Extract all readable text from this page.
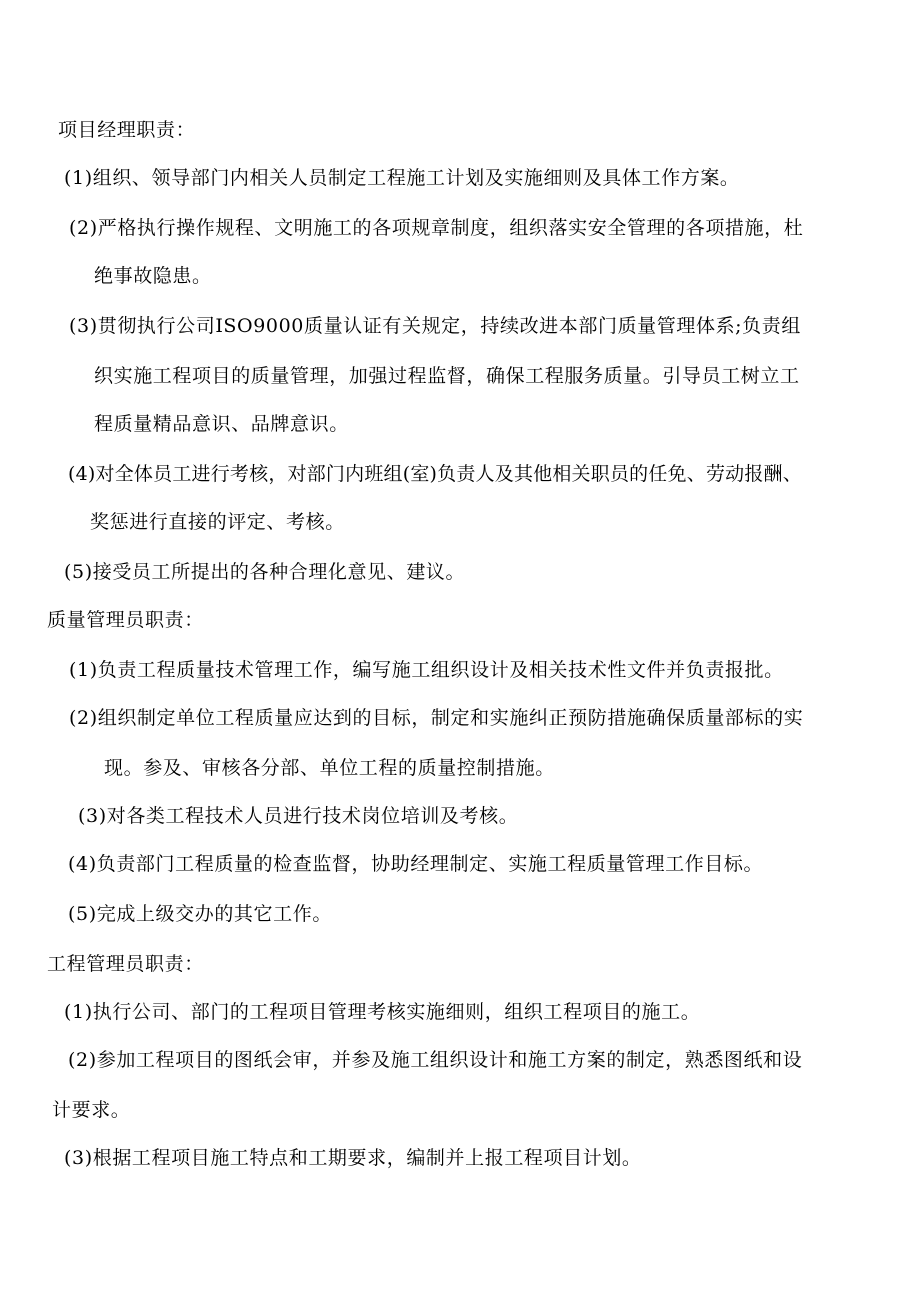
项目经理职责：
(1)组织、领导部门内相关人员制定工程施工计划及实施细则及具体工作方案。
(2)严格执行操作规程、文明施工的各项规章制度，组织落实安全管理的各项措施，杜
绝事故隐患。
(3)贯彻执行公司ISO9000质量认证有关规定，持续改进本部门质量管理体系;负责组
织实施工程项目的质量管理，加强过程监督，确保工程服务质量。引导员工树立工
程质量精品意识、品牌意识。
(4)对全体员工进行考核，对部门内班组(室)负责人及其他相关职员的任免、劳动报酬、
奖惩进行直接的评定、考核。
(5)接受员工所提出的各种合理化意见、建议。
质量管理员职责：
(1)负责工程质量技术管理工作，编写施工组织设计及相关技术性文件并负责报批。
(2)组织制定单位工程质量应达到的目标，制定和实施纠正预防措施确保质量部标的实
现。参及、审核各分部、单位工程的质量控制措施。
(3)对各类工程技术人员进行技术岗位培训及考核。
(4)负责部门工程质量的检查监督，协助经理制定、实施工程质量管理工作目标。
(5)完成上级交办的其它工作。
工程管理员职责：
(1)执行公司、部门的工程项目管理考核实施细则，组织工程项目的施工。
(2)参加工程项目的图纸会审，并参及施工组织设计和施工方案的制定，熟悉图纸和设
计要求。
(3)根据工程项目施工特点和工期要求，编制并上报工程项目计划。
